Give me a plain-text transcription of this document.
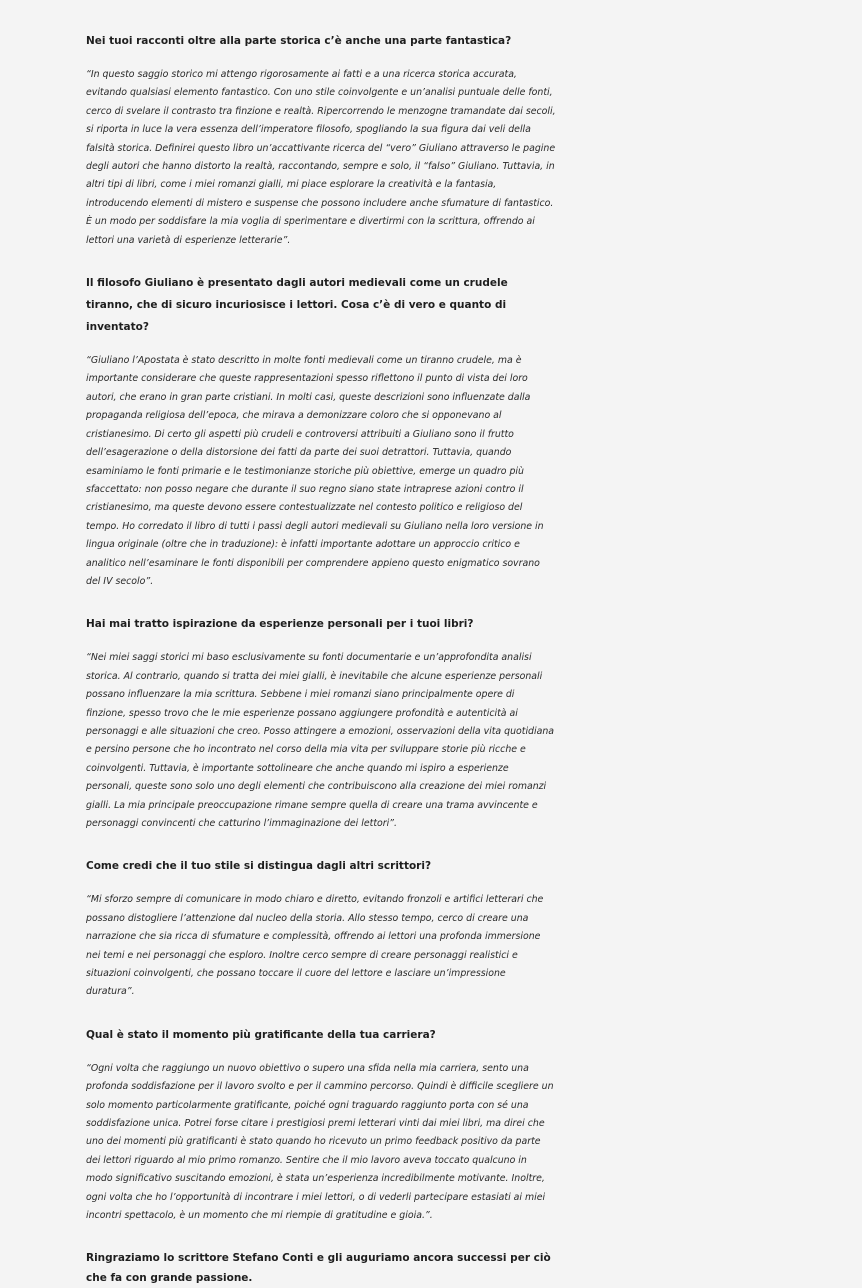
Nei tuoi racconti oltre alla parte storica c’è anche una parte fantastica?

“In questo saggio storico mi attengo rigorosamente ai fatti e a una ricerca storica accurata, evitando qualsiasi elemento fantastico. Con uno stile coinvolgente e un’analisi puntuale delle fonti, cerco di svelare il contrasto tra finzione e realtà. Ripercorrendo le menzogne tramandate dai secoli, si riporta in luce la vera essenza dell’imperatore filosofo, spogliando la sua figura dai veli della falsità storica. Definirei questo libro un’accattivante ricerca del “vero” Giuliano attraverso le pagine degli autori che hanno distorto la realtà, raccontando, sempre e solo, il “falso” Giuliano. Tuttavia, in altri tipi di libri, come i miei romanzi gialli, mi piace esplorare la creatività e la fantasia, introducendo elementi di mistero e suspense che possono includere anche sfumature di fantastico. È un modo per soddisfare la mia voglia di sperimentare e divertirmi con la scrittura, offrendo ai lettori una varietà di esperienze letterarie”.

Il filosofo Giuliano è presentato dagli autori medievali come un crudele tiranno, che di sicuro incuriosisce i lettori. Cosa c’è di vero e quanto di inventato?

“Giuliano l’Apostata è stato descritto in molte fonti medievali come un tiranno crudele, ma è importante considerare che queste rappresentazioni spesso riflettono il punto di vista dei loro autori, che erano in gran parte cristiani. In molti casi, queste descrizioni sono influenzate dalla propaganda religiosa dell’epoca, che mirava a demonizzare coloro che si opponevano al cristianesimo. Di certo gli aspetti più crudeli e controversi attribuiti a Giuliano sono il frutto dell’esagerazione o della distorsione dei fatti da parte dei suoi detrattori. Tuttavia, quando esaminiamo le fonti primarie e le testimonianze storiche più obiettive, emerge un quadro più sfaccettato: non posso negare che durante il suo regno siano state intraprese azioni contro il cristianesimo, ma queste devono essere contestualizzate nel contesto politico e religioso del tempo. Ho corredato il libro di tutti i passi degli autori medievali su Giuliano nella loro versione in lingua originale (oltre che in traduzione): è infatti importante adottare un approccio critico e analitico nell’esaminare le fonti disponibili per comprendere appieno questo enigmatico sovrano del IV secolo”.

Hai mai tratto ispirazione da esperienze personali per i tuoi libri?

“Nei miei saggi storici mi baso esclusivamente su fonti documentarie e un’approfondita analisi storica. Al contrario, quando si tratta dei miei gialli, è inevitabile che alcune esperienze personali possano influenzare la mia scrittura. Sebbene i miei romanzi siano principalmente opere di finzione, spesso trovo che le mie esperienze possano aggiungere profondità e autenticità ai personaggi e alle situazioni che creo. Posso attingere a emozioni, osservazioni della vita quotidiana e persino persone che ho incontrato nel corso della mia vita per sviluppare storie più ricche e coinvolgenti. Tuttavia, è importante sottolineare che anche quando mi ispiro a esperienze personali, queste sono solo uno degli elementi che contribuiscono alla creazione dei miei romanzi gialli. La mia principale preoccupazione rimane sempre quella di creare una trama avvincente e personaggi convincenti che catturino l’immaginazione dei lettori”.

Come credi che il tuo stile si distingua dagli altri scrittori?

“Mi sforzo sempre di comunicare in modo chiaro e diretto, evitando fronzoli e artifici letterari che possano distogliere l’attenzione dal nucleo della storia. Allo stesso tempo, cerco di creare una narrazione che sia ricca di sfumature e complessità, offrendo ai lettori una profonda immersione nei temi e nei personaggi che esploro. Inoltre cerco sempre di creare personaggi realistici e situazioni coinvolgenti, che possano toccare il cuore del lettore e lasciare un’impressione duratura”.

Qual è stato il momento più gratificante della tua carriera?

“Ogni volta che raggiungo un nuovo obiettivo o supero una sfida nella mia carriera, sento una profonda soddisfazione per il lavoro svolto e per il cammino percorso. Quindi è difficile scegliere un solo momento particolarmente gratificante, poiché ogni traguardo raggiunto porta con sé una soddisfazione unica. Potrei forse citare i prestigiosi premi letterari vinti dai miei libri, ma direi che uno dei momenti più gratificanti è stato quando ho ricevuto un primo feedback positivo da parte dei lettori riguardo al mio primo romanzo. Sentire che il mio lavoro aveva toccato qualcuno in modo significativo suscitando emozioni, è stata un’esperienza incredibilmente motivante. Inoltre, ogni volta che ho l’opportunità di incontrare i miei lettori, o di vederli partecipare estasiati ai miei incontri spettacolo, è un momento che mi riempie di gratitudine e gioia.”.

Ringraziamo lo scrittore Stefano Conti e gli auguriamo ancora successi per ciò che fa con grande passione.
